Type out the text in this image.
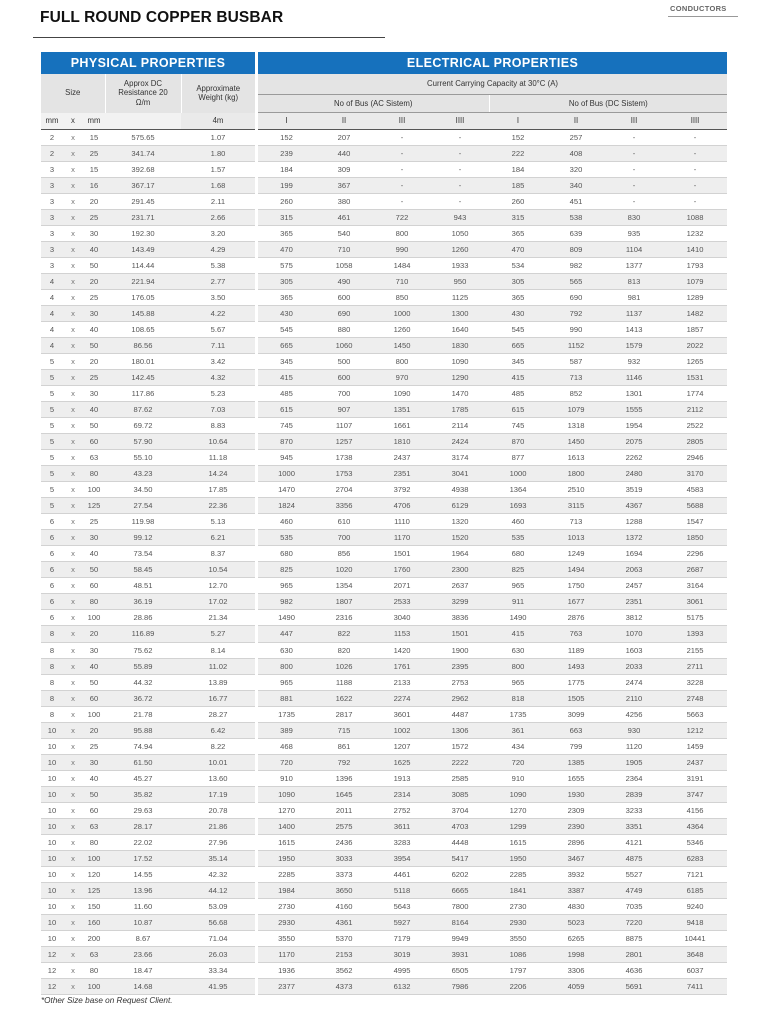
FULL ROUND COPPER BUSBAR
CONDUCTORS
PHYSICAL PROPERTIES						ELECTRICAL PROPERTIES							
Size			Approx DC Resistance 20 Ω/m	Approximate Weight (kg)		Current Carrying Capacity at 30°C (A)							
						No of Bus (AC Sistem)				No of Bus (DC Sistem)			
mm	x	mm		4m		I	II	III	IIII	I	II	III	IIII
2	x	15	575.65	1.07		152	207	-	-	152	257	-	-
2	x	25	341.74	1.80		239	440	-	-	222	408	-	-
3	x	15	392.68	1.57		184	309	-	-	184	320	-	-
3	x	16	367.17	1.68		199	367	-	-	185	340	-	-
3	x	20	291.45	2.11		260	380	-	-	260	451	-	-
3	x	25	231.71	2.66		315	461	722	943	315	538	830	1088
3	x	30	192.30	3.20		365	540	800	1050	365	639	935	1232
3	x	40	143.49	4.29		470	710	990	1260	470	809	1104	1410
3	x	50	114.44	5.38		575	1058	1484	1933	534	982	1377	1793
4	x	20	221.94	2.77		305	490	710	950	305	565	813	1079
4	x	25	176.05	3.50		365	600	850	1125	365	690	981	1289
4	x	30	145.88	4.22		430	690	1000	1300	430	792	1137	1482
4	x	40	108.65	5.67		545	880	1260	1640	545	990	1413	1857
4	x	50	86.56	7.11		665	1060	1450	1830	665	1152	1579	2022
5	x	20	180.01	3.42		345	500	800	1090	345	587	932	1265
5	x	25	142.45	4.32		415	600	970	1290	415	713	1146	1531
5	x	30	117.86	5.23		485	700	1090	1470	485	852	1301	1774
5	x	40	87.62	7.03		615	907	1351	1785	615	1079	1555	2112
5	x	50	69.72	8.83		745	1107	1661	2114	745	1318	1954	2522
5	x	60	57.90	10.64		870	1257	1810	2424	870	1450	2075	2805
5	x	63	55.10	11.18		945	1738	2437	3174	877	1613	2262	2946
5	x	80	43.23	14.24		1000	1753	2351	3041	1000	1800	2480	3170
5	x	100	34.50	17.85		1470	2704	3792	4938	1364	2510	3519	4583
5	x	125	27.54	22.36		1824	3356	4706	6129	1693	3115	4367	5688
6	x	25	119.98	5.13		460	610	1110	1320	460	713	1288	1547
6	x	30	99.12	6.21		535	700	1170	1520	535	1013	1372	1850
6	x	40	73.54	8.37		680	856	1501	1964	680	1249	1694	2296
6	x	50	58.45	10.54		825	1020	1760	2300	825	1494	2063	2687
6	x	60	48.51	12.70		965	1354	2071	2637	965	1750	2457	3164
6	x	80	36.19	17.02		982	1807	2533	3299	911	1677	2351	3061
6	x	100	28.86	21.34		1490	2316	3040	3836	1490	2876	3812	5175
8	x	20	116.89	5.27		447	822	1153	1501	415	763	1070	1393
8	x	30	75.62	8.14		630	820	1420	1900	630	1189	1603	2155
8	x	40	55.89	11.02		800	1026	1761	2395	800	1493	2033	2711
8	x	50	44.32	13.89		965	1188	2133	2753	965	1775	2474	3228
8	x	60	36.72	16.77		881	1622	2274	2962	818	1505	2110	2748
8	x	100	21.78	28.27		1735	2817	3601	4487	1735	3099	4256	5663
10	x	20	95.88	6.42		389	715	1002	1306	361	663	930	1212
10	x	25	74.94	8.22		468	861	1207	1572	434	799	1120	1459
10	x	30	61.50	10.01		720	792	1625	2222	720	1385	1905	2437
10	x	40	45.27	13.60		910	1396	1913	2585	910	1655	2364	3191
10	x	50	35.82	17.19		1090	1645	2314	3085	1090	1930	2839	3747
10	x	60	29.63	20.78		1270	2011	2752	3704	1270	2309	3233	4156
10	x	63	28.17	21.86		1400	2575	3611	4703	1299	2390	3351	4364
10	x	80	22.02	27.96		1615	2436	3283	4448	1615	2896	4121	5346
10	x	100	17.52	35.14		1950	3033	3954	5417	1950	3467	4875	6283
10	x	120	14.55	42.32		2285	3373	4461	6202	2285	3932	5527	7121
10	x	125	13.96	44.12		1984	3650	5118	6665	1841	3387	4749	6185
10	x	150	11.60	53.09		2730	4160	5643	7800	2730	4830	7035	9240
10	x	160	10.87	56.68		2930	4361	5927	8164	2930	5023	7220	9418
10	x	200	8.67	71.04		3550	5370	7179	9949	3550	6265	8875	10441
12	x	63	23.66	26.03		1170	2153	3019	3931	1086	1998	2801	3648
12	x	80	18.47	33.34		1936	3562	4995	6505	1797	3306	4636	6037
12	x	100	14.68	41.95		2377	4373	6132	7986	2206	4059	5691	7411
*Other Size base on Request Client.
